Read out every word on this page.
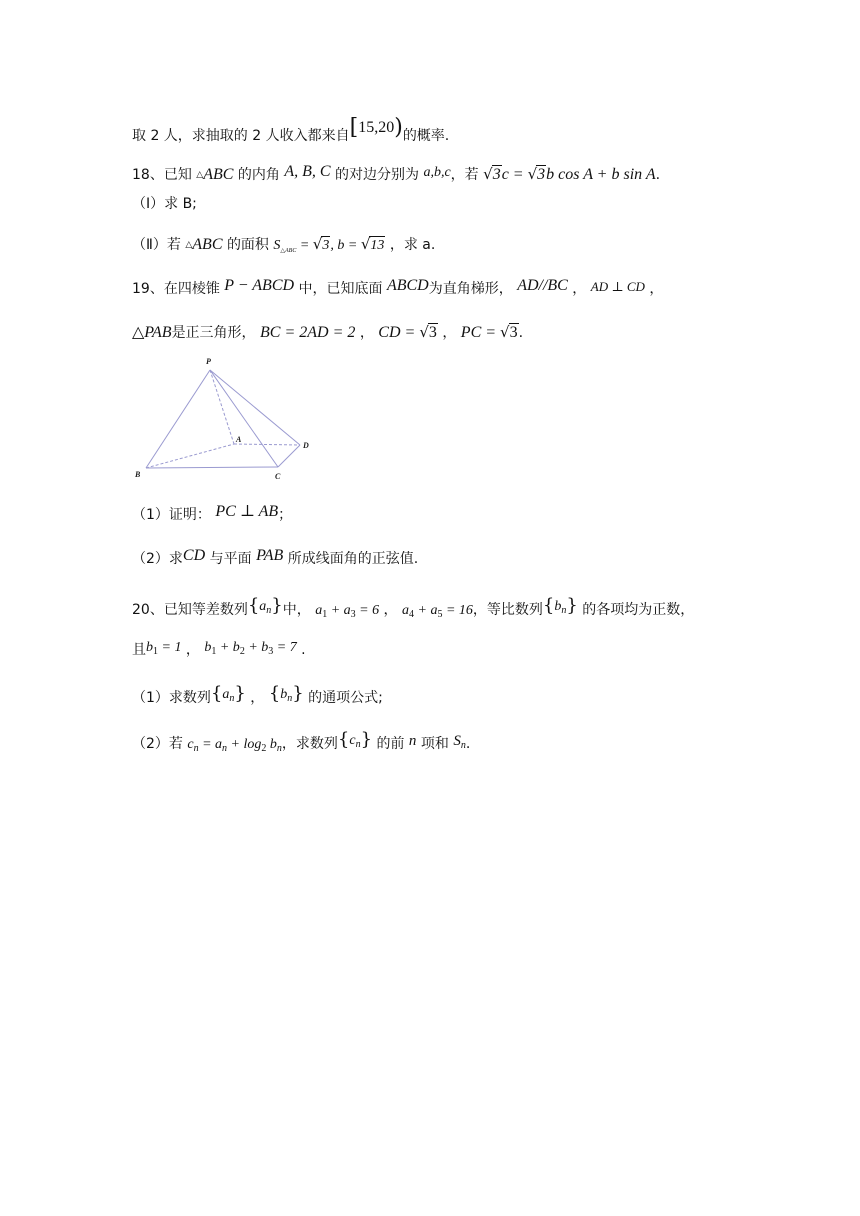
取 2 人，求抽取的 2 人收入都来自[15,20)的概率.
18、已知 △ABC 的内角 A, B, C 的对边分别为 a,b,c，若 √3c = √3b cos A + b sin A.
（Ⅰ）求 B;
（Ⅱ）若 △ABC 的面积 $S_{\triangle ABC} = √3$, b = √13 ，求 a.
19、在四棱锥 P − ABCD 中，已知底面 ABCD为直角梯形， AD//BC ， AD ⊥ CD ，
△PAB是正三角形， BC = 2AD = 2 ， CD = √3 ， PC = √3.
P
A
B	C
D
（1）证明： PC ⊥ AB；
（2）求CD 与平面 PAB 所成线面角的正弦值.
20、已知等差数列$\{a_n\}$中， $a_1 + a_3 = 6$ ， $a_4 + a_5 = 16$，等比数列$\{b_n\}$ 的各项均为正数，
且$b_1 = 1$ ， $b_1 + b_2 + b_3 = 7$ .
（1）求数列$\{a_n\}$ ， $\{b_n\}$ 的通项公式;
（2）若 $c_n = a_n + \log_2 b_n$，求数列$\{c_n\}$ 的前 n 项和 $S_n$.
